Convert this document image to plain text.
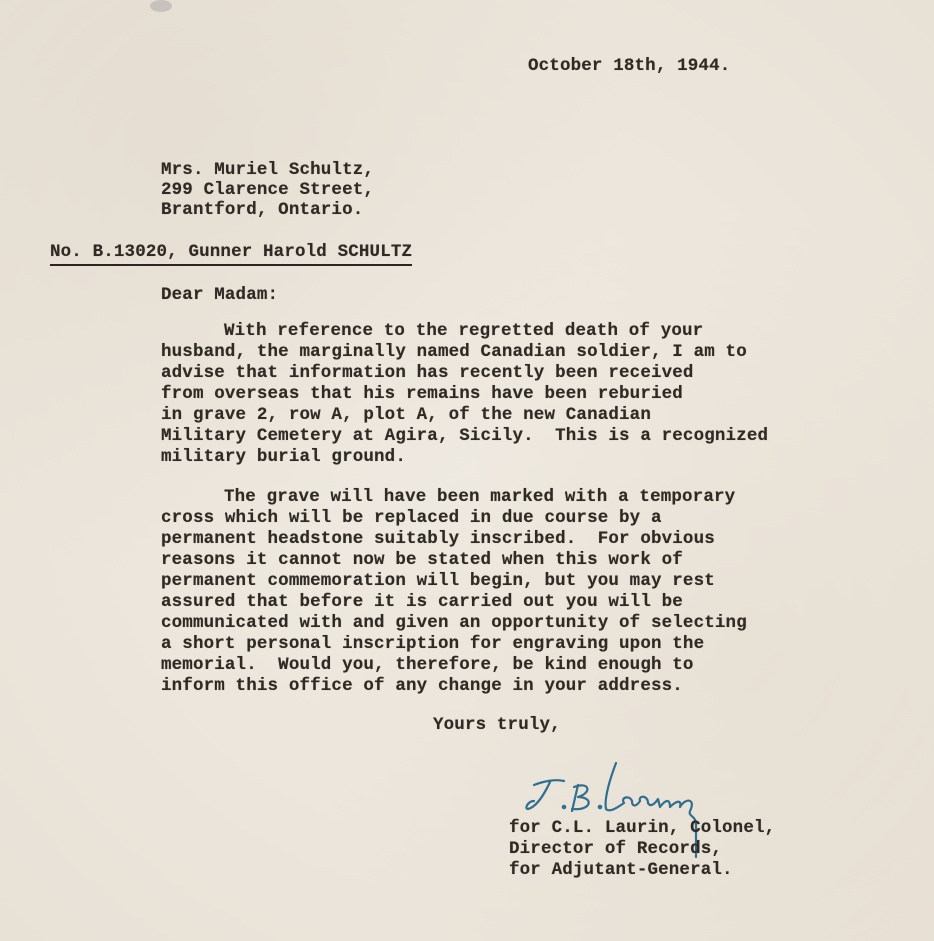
October 18th, 1944.
Mrs. Muriel Schultz,
299 Clarence Street,
Brantford, Ontario.
No. B.13020, Gunner Harold SCHULTZ
Dear Madam:
With reference to the regretted death of your
husband, the marginally named Canadian soldier, I am to
advise that information has recently been received
from overseas that his remains have been reburied
in grave 2, row A, plot A, of the new Canadian
Military Cemetery at Agira, Sicily.  This is a recognized
military burial ground.
The grave will have been marked with a temporary
cross which will be replaced in due course by a
permanent headstone suitably inscribed.  For obvious
reasons it cannot now be stated when this work of
permanent commemoration will begin, but you may rest
assured that before it is carried out you will be
communicated with and given an opportunity of selecting
a short personal inscription for engraving upon the
memorial.  Would you, therefore, be kind enough to
inform this office of any change in your address.
Yours truly,
for C.L. Laurin, Colonel,
Director of Records,
for Adjutant-General.
